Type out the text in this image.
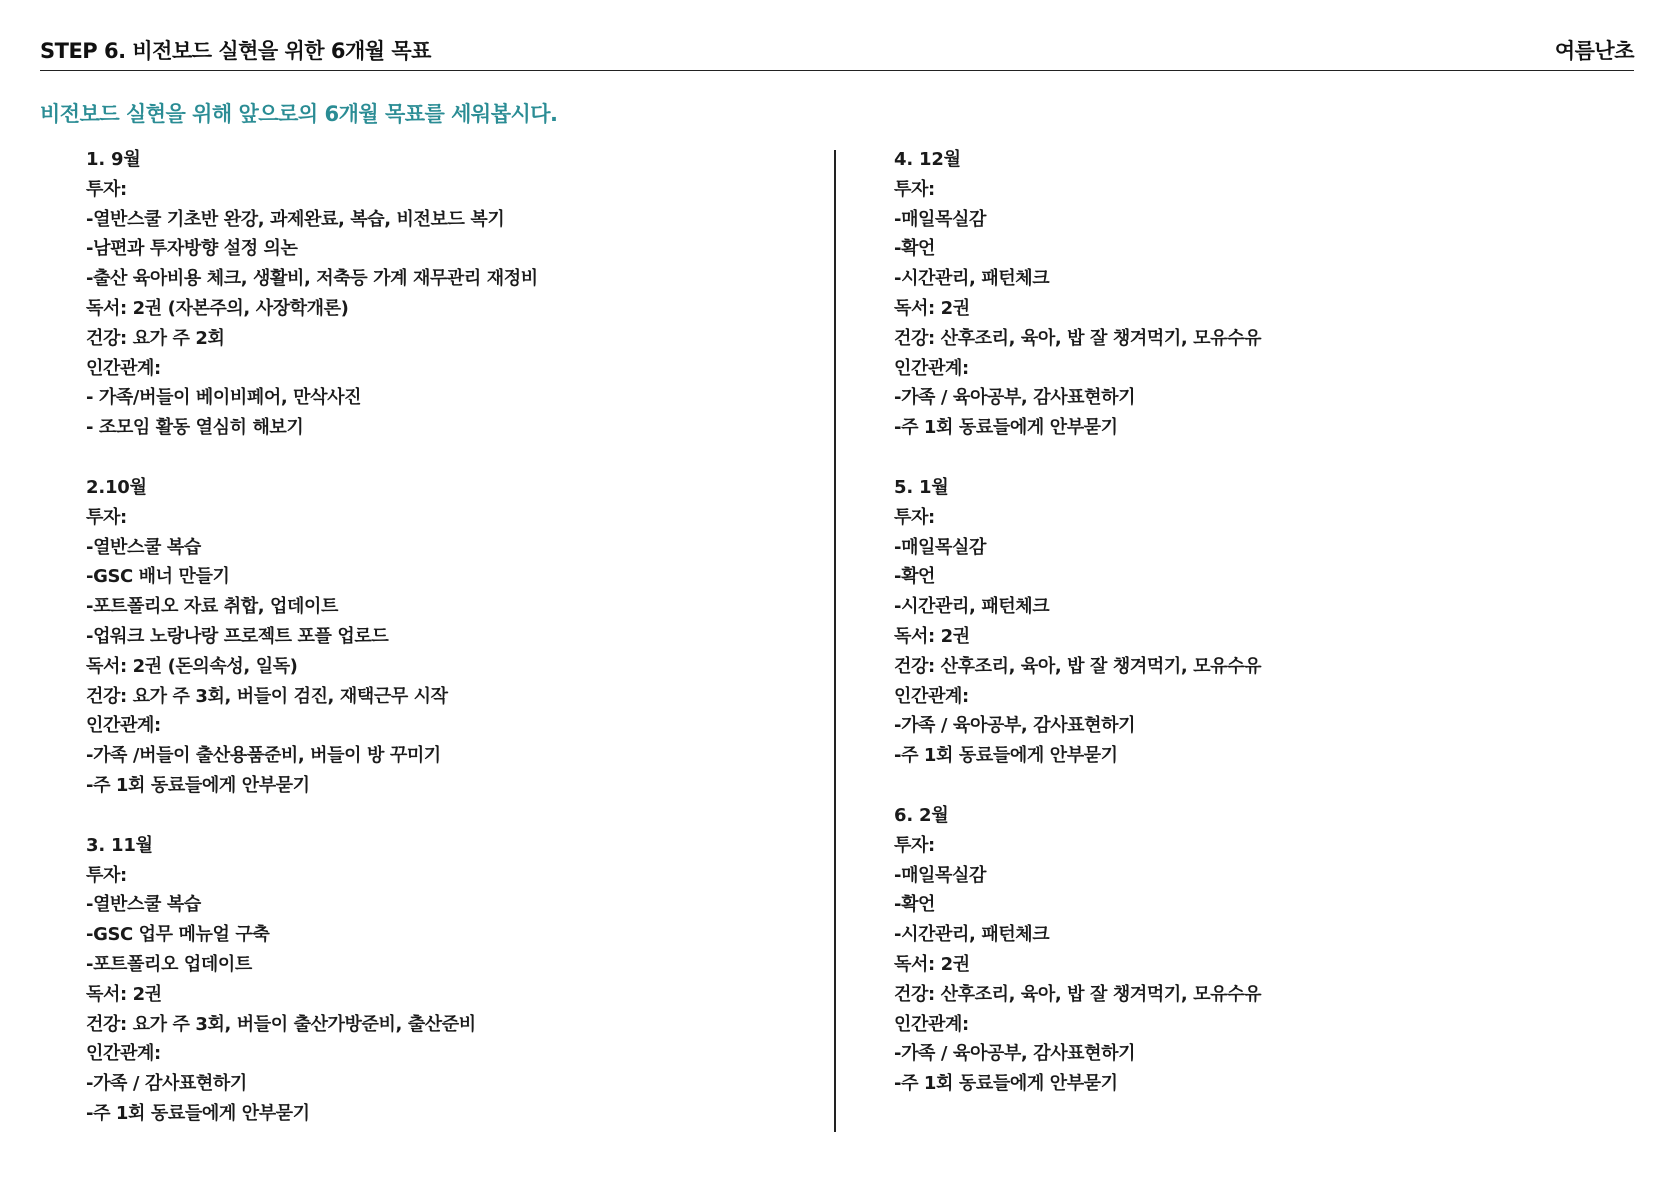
STEP 6. 비전보드 실현을 위한 6개월 목표	여름난초
비전보드 실현을 위해 앞으로의 6개월 목표를 세워봅시다.
1. 9월
투자:
-열반스쿨 기초반 완강, 과제완료, 복습, 비전보드 복기
-남편과 투자방향 설정 의논
-출산 육아비용 체크, 생활비, 저축등 가계 재무관리 재정비
독서: 2권 (자본주의, 사장학개론)
건강: 요가 주 2회
인간관계:
- 가족/버들이 베이비페어, 만삭사진
- 조모임 활동 열심히 해보기
2.10월
투자:
-열반스쿨 복습
-GSC 배너 만들기
-포트폴리오 자료 취합, 업데이트
-업워크 노랑나랑 프로젝트 포플 업로드
독서: 2권 (돈의속성, 일독)
건강: 요가 주 3회, 버들이 검진, 재택근무 시작
인간관계:
-가족 /버들이 출산용품준비, 버들이 방 꾸미기
-주 1회 동료들에게 안부묻기
3. 11월
투자:
-열반스쿨 복습
-GSC 업무 메뉴얼 구축
-포트폴리오 업데이트
독서: 2권
건강: 요가 주 3회, 버들이 출산가방준비, 출산준비
인간관계:
-가족 / 감사표현하기
-주 1회 동료들에게 안부묻기
4. 12월
투자:
-매일목실감
-확언
-시간관리, 패턴체크
독서: 2권
건강: 산후조리, 육아, 밥 잘 챙겨먹기, 모유수유
인간관계:
-가족 / 육아공부, 감사표현하기
-주 1회 동료들에게 안부묻기
5. 1월
투자:
-매일목실감
-확언
-시간관리, 패턴체크
독서: 2권
건강: 산후조리, 육아, 밥 잘 챙겨먹기, 모유수유
인간관계:
-가족 / 육아공부, 감사표현하기
-주 1회 동료들에게 안부묻기
6. 2월
투자:
-매일목실감
-확언
-시간관리, 패턴체크
독서: 2권
건강: 산후조리, 육아, 밥 잘 챙겨먹기, 모유수유
인간관계:
-가족 / 육아공부, 감사표현하기
-주 1회 동료들에게 안부묻기
